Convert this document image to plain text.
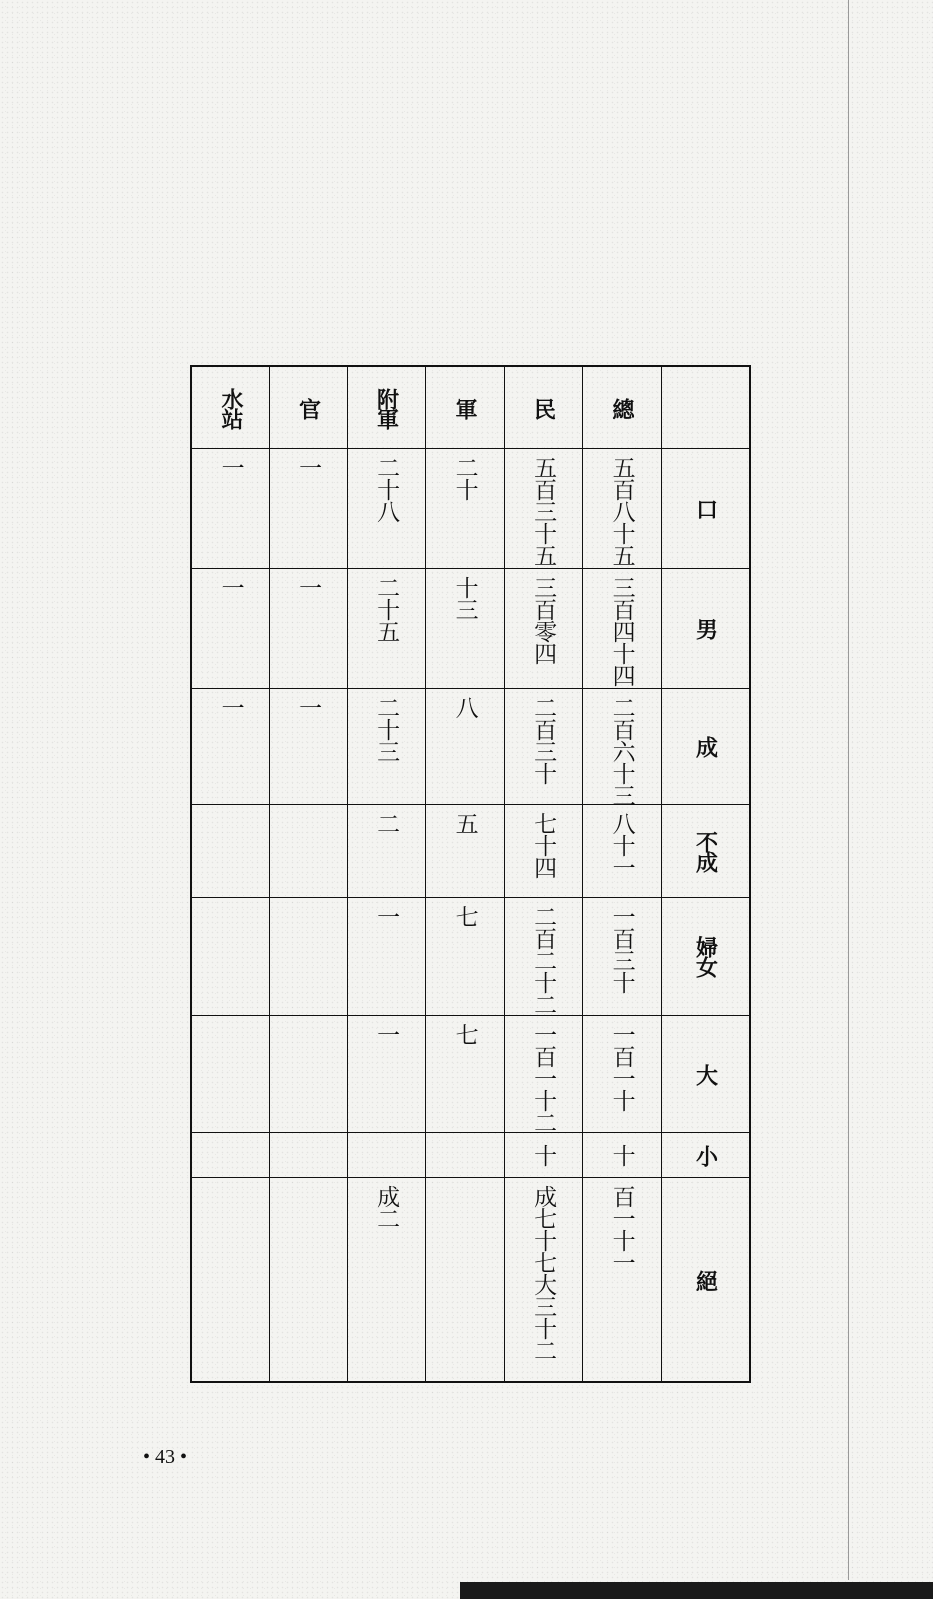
總
民
軍
附軍
官
水站
口
五百八十五
五百三十五
二十
二十八
一
一
男
三百四十四
三百零四
十三
二十五
一
一
成
二百六十三
二百三十
八
二十三
一
一
不成
八十一
七十四
五
二
婦女
一百三十
二百二十二
七
一
大
一百一十
一百一十二
七
一
小
十
十
絕
百一十一
成七十七大三十二
成二
• 43 •
